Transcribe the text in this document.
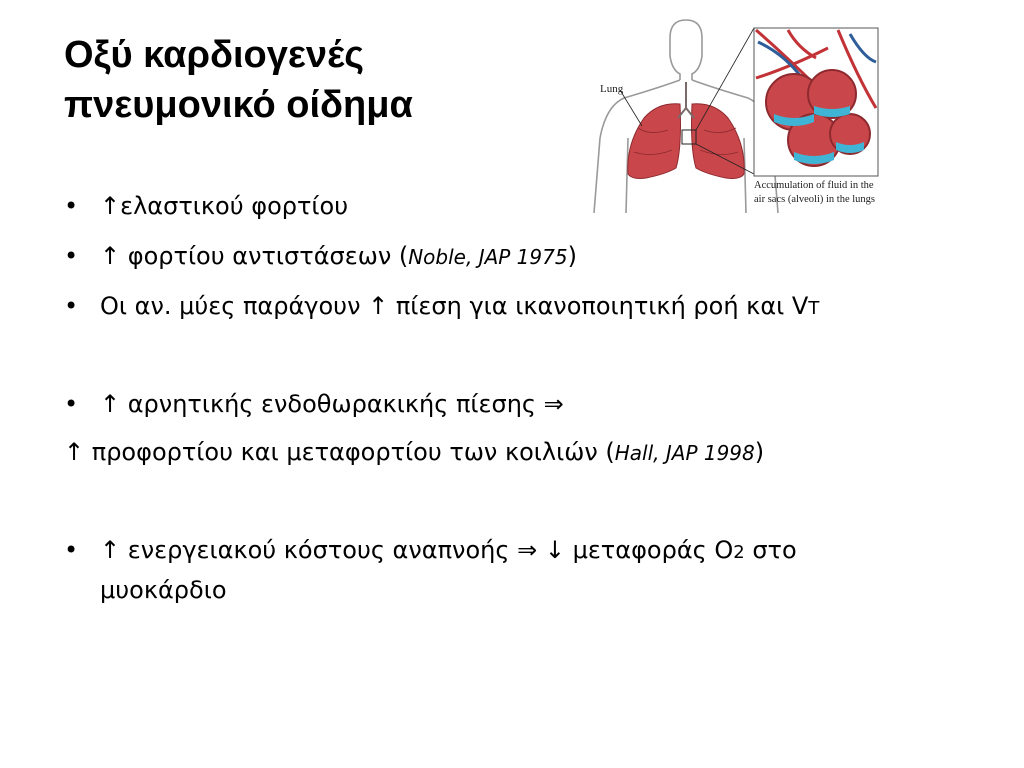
Οξύ καρδιογενές
πνευμονικό οίδημα	Lung
Accumulation of fluid in the
air sacs (alveoli) in the lungs
• ↑ελαστικού φορτίου
• ↑ φορτίου αντιστάσεων (Noble, JAP 1975)
• Οι αν. μύες παράγουν ↑ πίεση για ικανοποιητική ροή και VT
• ↑ αρνητικής ενδοθωρακικής πίεσης ⇒
↑ προφορτίου και μεταφορτίου των κοιλιών (Hall, JAP 1998)
• ↑ ενεργειακού κόστους αναπνοής ⇒ ↓ μεταφοράς Ο2 στο
μυοκάρδιο
